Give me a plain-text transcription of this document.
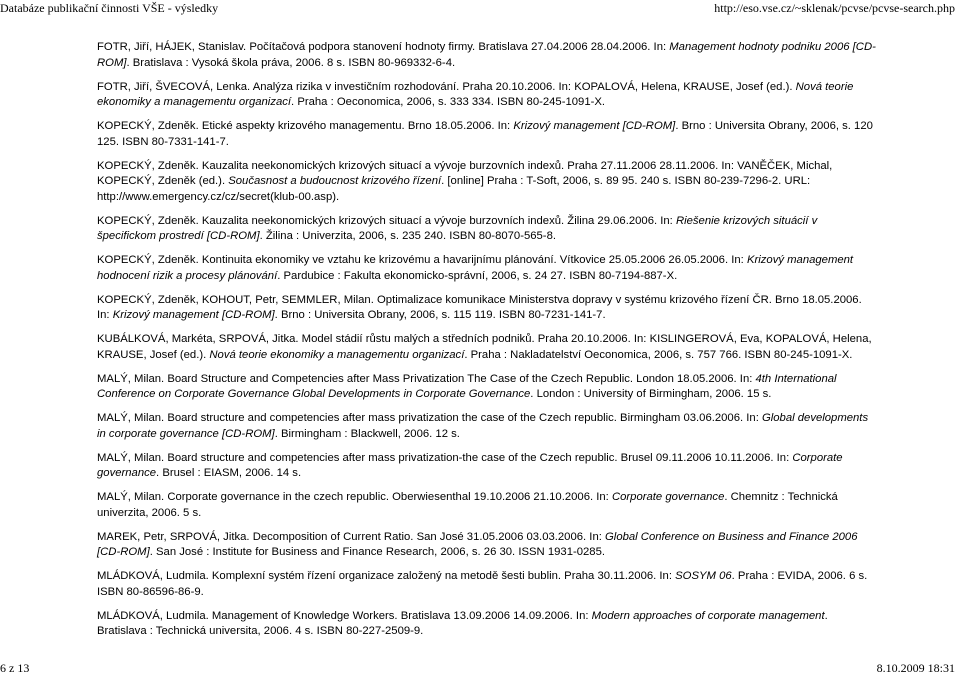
Databáze publikační činnosti VŠE - výsledky	http://eso.vse.cz/~sklenak/pcvse/pcvse-search.php

FOTR, Jiří, HÁJEK, Stanislav. Počítačová podpora stanovení hodnoty firmy. Bratislava 27.04.2006 28.04.2006. In: Management hodnoty podniku 2006 [CD-ROM]. Bratislava : Vysoká škola práva, 2006. 8 s. ISBN 80-969332-6-4.

FOTR, Jiří, ŠVECOVÁ, Lenka. Analýza rizika v investičním rozhodování. Praha 20.10.2006. In: KOPALOVÁ, Helena, KRAUSE, Josef (ed.). Nová teorie ekonomiky a managementu organizací. Praha : Oeconomica, 2006, s. 333 334. ISBN 80-245-1091-X.

KOPECKÝ, Zdeněk. Etické aspekty krizového managementu. Brno 18.05.2006. In: Krizový management [CD-ROM]. Brno : Universita Obrany, 2006, s. 120 125. ISBN 80-7331-141-7.

KOPECKÝ, Zdeněk. Kauzalita neekonomických krizových situací a vývoje burzovních indexů. Praha 27.11.2006 28.11.2006. In: VANĚČEK, Michal, KOPECKÝ, Zdeněk (ed.). Současnost a budoucnost krizového řízení. [online] Praha : T-Soft, 2006, s. 89 95. 240 s. ISBN 80-239-7296-2. URL: http://www.emergency.cz/cz/secret(klub-00.asp).

KOPECKÝ, Zdeněk. Kauzalita neekonomických krizových situací a vývoje burzovních indexů. Žilina 29.06.2006. In: Riešenie krizových situácií v špecifickom prostredí [CD-ROM]. Žilina : Univerzita, 2006, s. 235 240. ISBN 80-8070-565-8.

KOPECKÝ, Zdeněk. Kontinuita ekonomiky ve vztahu ke krizovému a havarijnímu plánování. Vítkovice 25.05.2006 26.05.2006. In: Krizový management hodnocení rizik a procesy plánování. Pardubice : Fakulta ekonomicko-správní, 2006, s. 24 27. ISBN 80-7194-887-X.

KOPECKÝ, Zdeněk, KOHOUT, Petr, SEMMLER, Milan. Optimalizace komunikace Ministerstva dopravy v systému krizového řízení ČR. Brno 18.05.2006. In: Krizový management [CD-ROM]. Brno : Universita Obrany, 2006, s. 115 119. ISBN 80-7231-141-7.

KUBÁLKOVÁ, Markéta, SRPOVÁ, Jitka. Model stádií růstu malých a středních podniků. Praha 20.10.2006. In: KISLINGEROVÁ, Eva, KOPALOVÁ, Helena, KRAUSE, Josef (ed.). Nová teorie ekonomiky a managementu organizací. Praha : Nakladatelství Oeconomica, 2006, s. 757 766. ISBN 80-245-1091-X.

MALÝ, Milan. Board Structure and Competencies after Mass Privatization The Case of the Czech Republic. London 18.05.2006. In: 4th International Conference on Corporate Governance Global Developments in Corporate Governance. London : University of Birmingham, 2006. 15 s.

MALÝ, Milan. Board structure and competencies after mass privatization the case of the Czech republic. Birmingham 03.06.2006. In: Global developments in corporate governance [CD-ROM]. Birmingham : Blackwell, 2006. 12 s.

MALÝ, Milan. Board structure and competencies after mass privatization-the case of the Czech republic. Brusel 09.11.2006 10.11.2006. In: Corporate governance. Brusel : EIASM, 2006. 14 s.

MALÝ, Milan. Corporate governance in the czech republic. Oberwiesenthal 19.10.2006 21.10.2006. In: Corporate governance. Chemnitz : Technická univerzita, 2006. 5 s.

MAREK, Petr, SRPOVÁ, Jitka. Decomposition of Current Ratio. San José 31.05.2006 03.03.2006. In: Global Conference on Business and Finance 2006 [CD-ROM]. San José : Institute for Business and Finance Research, 2006, s. 26 30. ISSN 1931-0285.

MLÁDKOVÁ, Ludmila. Komplexní systém řízení organizace založený na metodě šesti bublin. Praha 30.11.2006. In: SOSYM 06. Praha : EVIDA, 2006. 6 s. ISBN 80-86596-86-9.

MLÁDKOVÁ, Ludmila. Management of Knowledge Workers. Bratislava 13.09.2006 14.09.2006. In: Modern approaches of corporate management. Bratislava : Technická universita, 2006. 4 s. ISBN 80-227-2509-9.

6 z 13	8.10.2009 18:31
